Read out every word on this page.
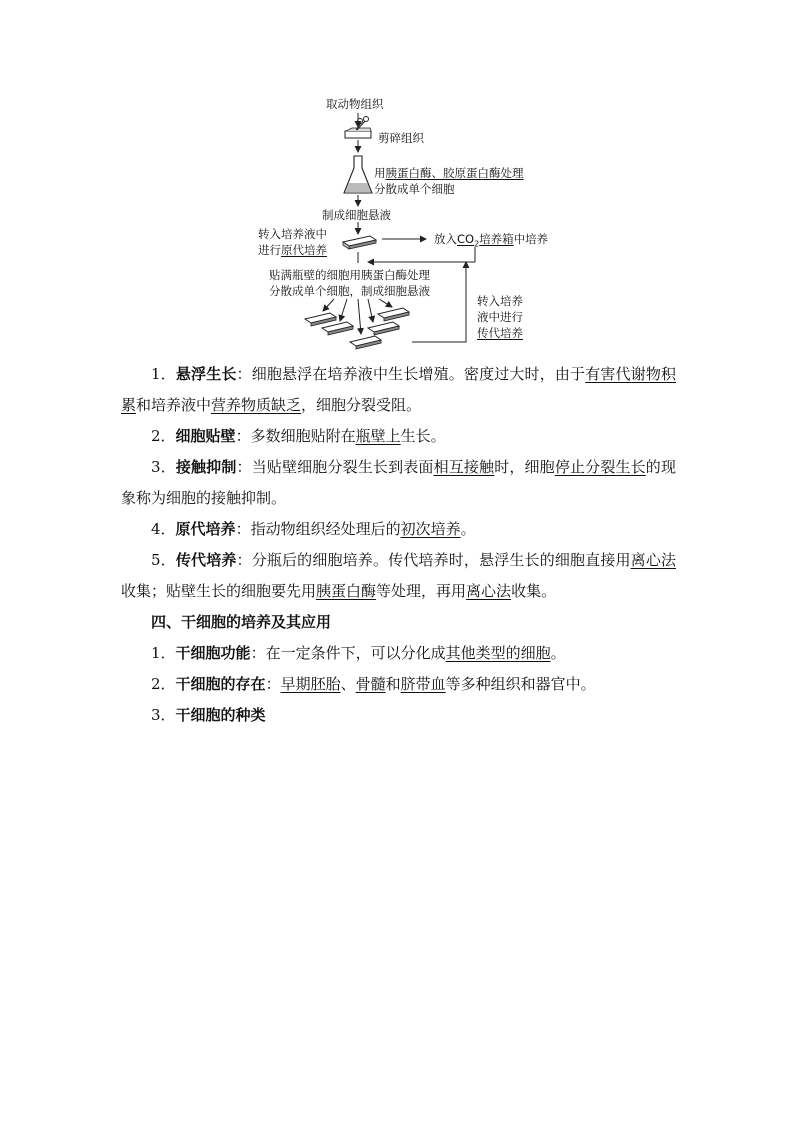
取动物组织
剪碎组织
用胰蛋白酶、胶原蛋白酶处理
分散成单个细胞
制成细胞悬液
转入培养液中
进行原代培养
放入$CO_2$培养箱中培养
贴满瓶壁的细胞用胰蛋白酶处理
分散成单个细胞，制成细胞悬液
转入培养
液中进行
传代培养
1．悬浮生长：细胞悬浮在培养液中生长增殖。密度过大时，由于有害代谢物积累和培养液中营养物质缺乏，细胞分裂受阻。
2．细胞贴壁：多数细胞贴附在瓶壁上生长。
3．接触抑制：当贴壁细胞分裂生长到表面相互接触时，细胞停止分裂生长的现象称为细胞的接触抑制。
4．原代培养：指动物组织经处理后的初次培养。
5．传代培养：分瓶后的细胞培养。传代培养时，悬浮生长的细胞直接用离心法收集；贴壁生长的细胞要先用胰蛋白酶等处理，再用离心法收集。
四、干细胞的培养及其应用
1．干细胞功能：在一定条件下，可以分化成其他类型的细胞。
2．干细胞的存在：早期胚胎、骨髓和脐带血等多种组织和器官中。
3．干细胞的种类
